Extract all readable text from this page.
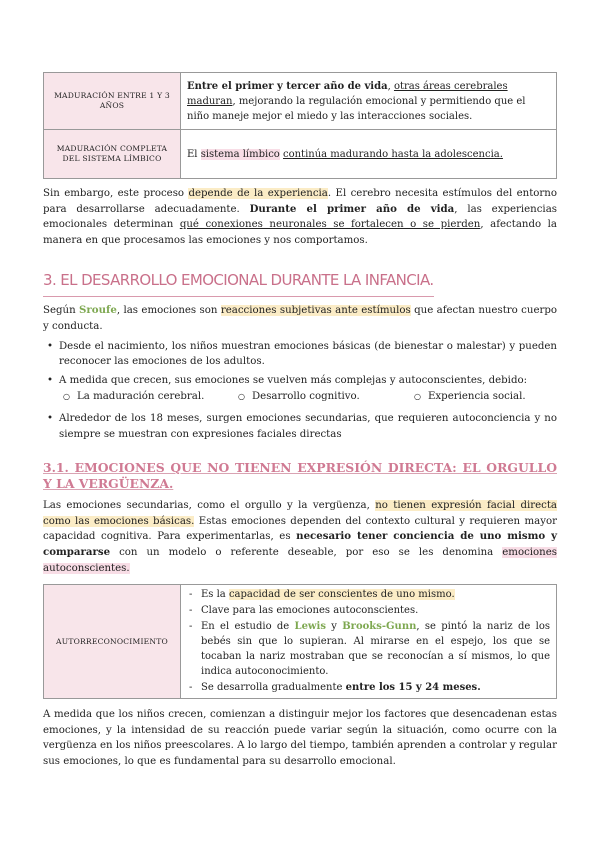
MADURACIÓN ENTRE 1 Y 3 AÑOS	Entre el primer y tercer año de vida, otras áreas cerebrales maduran, mejorando la regulación emocional y permitiendo que el niño maneje mejor el miedo y las interacciones sociales.
MADURACIÓN COMPLETA DEL SISTEMA LÍMBICO	El sistema límbico continúa madurando hasta la adolescencia.

Sin embargo, este proceso depende de la experiencia. El cerebro necesita estímulos del entorno para desarrollarse adecuadamente. Durante el primer año de vida, las experiencias emocionales determinan qué conexiones neuronales se fortalecen o se pierden, afectando la manera en que procesamos las emociones y nos comportamos.

3. EL DESARROLLO EMOCIONAL DURANTE LA INFANCIA.

Según Sroufe, las emociones son reacciones subjetivas ante estímulos que afectan nuestro cuerpo y conducta.

• Desde el nacimiento, los niños muestran emociones básicas (de bienestar o malestar) y pueden reconocer las emociones de los adultos.
• A medida que crecen, sus emociones se vuelven más complejas y autoconscientes, debido:
○ La maduración cerebral.	○ Desarrollo cognitivo.	○ Experiencia social.
• Alrededor de los 18 meses, surgen emociones secundarias, que requieren autoconciencia y no siempre se muestran con expresiones faciales directas
3.1. EMOCIONES QUE NO TIENEN EXPRESIÓN DIRECTA: EL ORGULLO Y LA VERGÜENZA.

Las emociones secundarias, como el orgullo y la vergüenza, no tienen expresión facial directa como las emociones básicas. Estas emociones dependen del contexto cultural y requieren mayor capacidad cognitiva. Para experimentarlas, es necesario tener conciencia de uno mismo y compararse con un modelo o referente deseable, por eso se les denomina emociones autoconscientes.

AUTORRECONOCIMIENTO	
- Es la capacidad de ser conscientes de uno mismo.
- Clave para las emociones autoconscientes.
- En el estudio de Lewis y Brooks-Gunn, se pintó la nariz de los bebés sin que lo supieran. Al mirarse en el espejo, los que se tocaban la nariz mostraban que se reconocían a sí mismos, lo que indica autoconocimiento.
- Se desarrolla gradualmente entre los 15 y 24 meses.

A medida que los niños crecen, comienzan a distinguir mejor los factores que desencadenan estas emociones, y la intensidad de su reacción puede variar según la situación, como ocurre con la vergüenza en los niños preescolares. A lo largo del tiempo, también aprenden a controlar y regular sus emociones, lo que es fundamental para su desarrollo emocional.
